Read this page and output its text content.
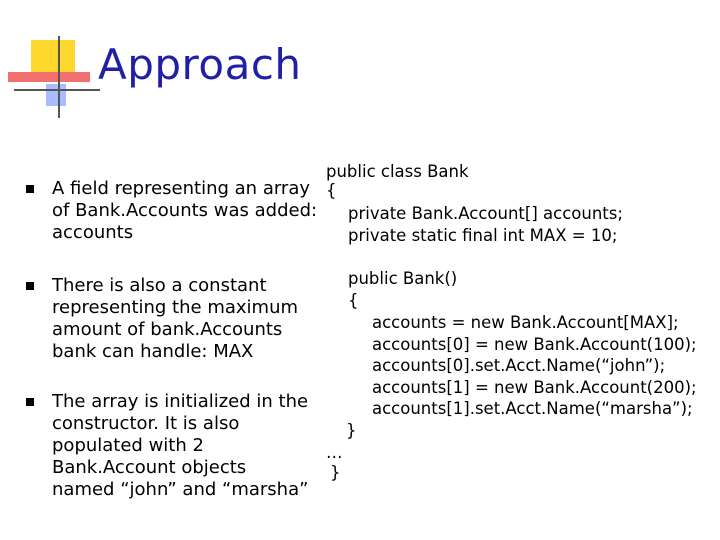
Approach
A field representing an array of Bank.Accounts was added: accounts
There is also a constant representing the maximum amount of bank.Accounts bank can handle: MAX
The array is initialized in the constructor. It is also populated with 2 Bank.Account objects named “john” and “marsha”
public class Bank
{
private Bank.Account[] accounts;
private static final int MAX = 10;
public Bank()
{
accounts = new Bank.Account[MAX];
accounts[0] = new Bank.Account(100);
accounts[0].set.Acct.Name(“john”);
accounts[1] = new Bank.Account(200);
accounts[1].set.Acct.Name(“marsha”);
}
…
}
